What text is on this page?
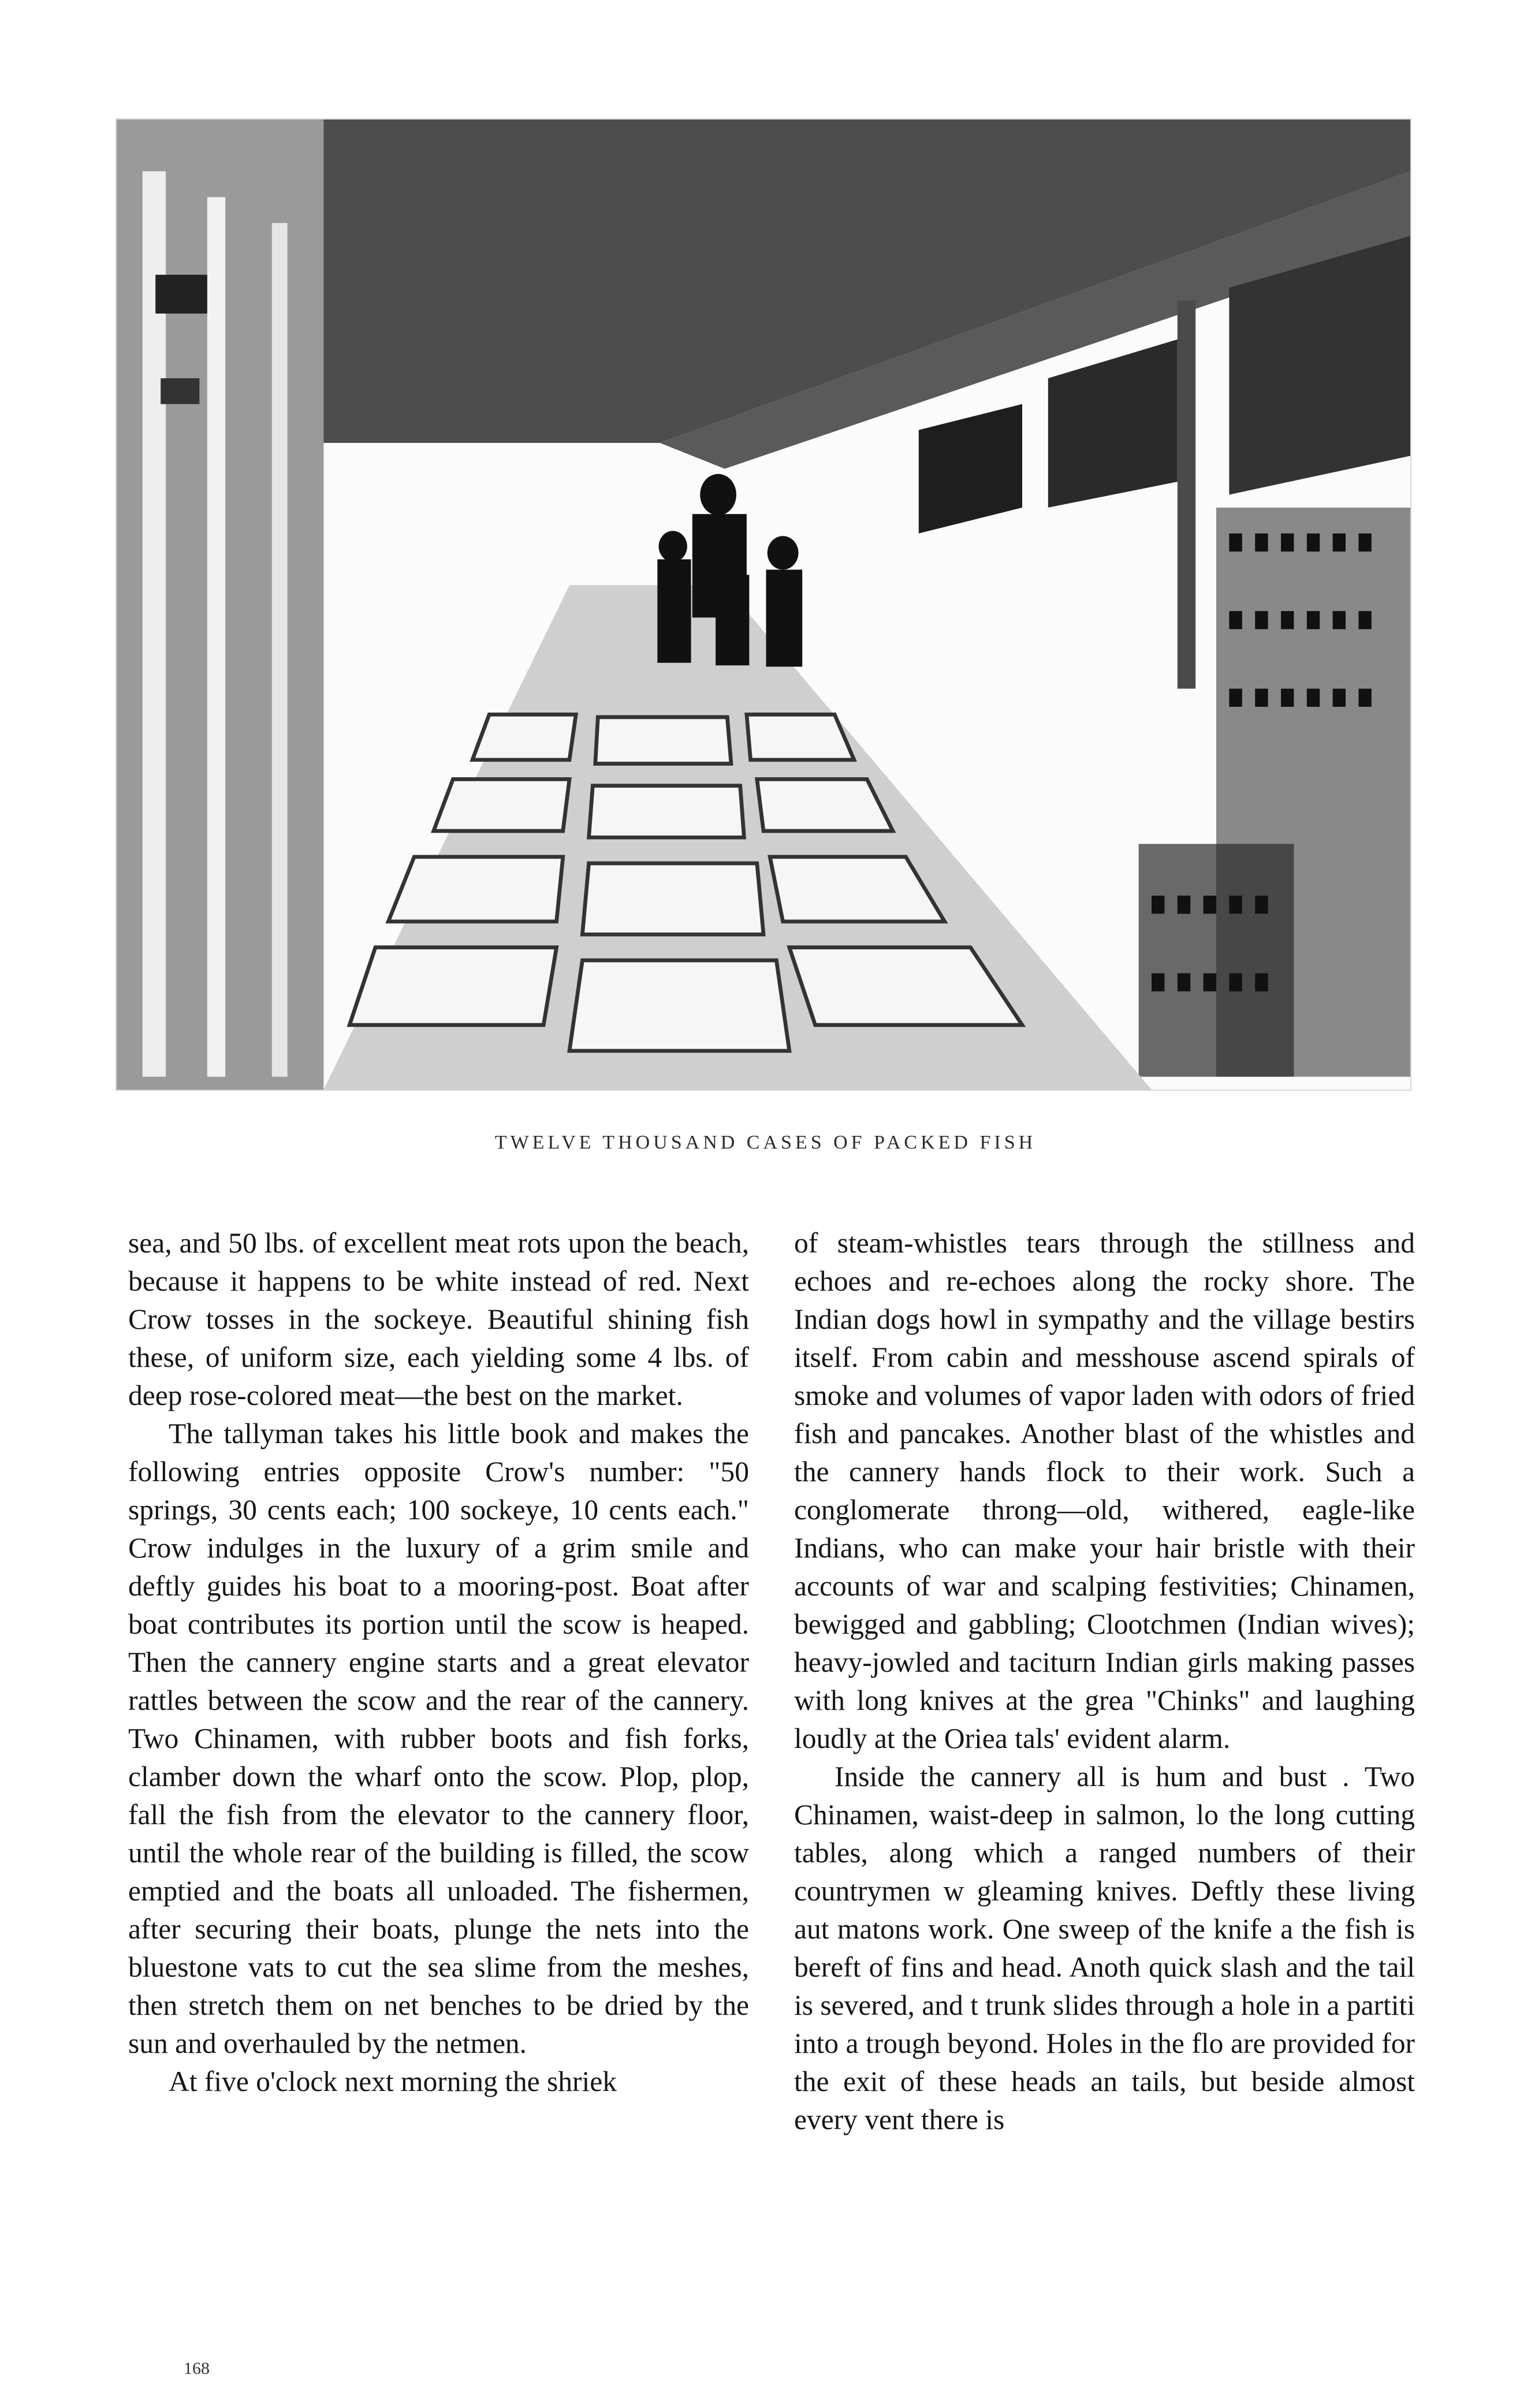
TWELVE THOUSAND CASES OF PACKED FISH

sea, and 50 lbs. of excellent meat rots upon the beach, because it happens to be white instead of red. Next Crow tosses in the sockeye. Beautiful shining fish these, of uniform size, each yielding some 4 lbs. of deep rose-colored meat—the best on the market.

The tallyman takes his little book and makes the following entries opposite Crow's number: "50 springs, 30 cents each; 100 sockeye, 10 cents each." Crow indulges in the luxury of a grim smile and deftly guides his boat to a mooring-post. Boat after boat contributes its portion until the scow is heaped. Then the cannery engine starts and a great elevator rattles between the scow and the rear of the cannery. Two Chinamen, with rubber boots and fish forks, clamber down the wharf onto the scow. Plop, plop, fall the fish from the elevator to the cannery floor, until the whole rear of the building is filled, the scow emptied and the boats all unloaded. The fishermen, after securing their boats, plunge the nets into the bluestone vats to cut the sea slime from the meshes, then stretch them on net benches to be dried by the sun and overhauled by the netmen.

At five o'clock next morning the shriek

of steam-whistles tears through the stillness and echoes and re-echoes along the rocky shore. The Indian dogs howl in sympathy and the village bestirs itself. From cabin and messhouse ascend spirals of smoke and volumes of vapor laden with odors of fried fish and pancakes. Another blast of the whistles and the cannery hands flock to their work. Such a conglomerate throng—old, withered, eagle-like Indians, who can make your hair bristle with their accounts of war and scalping festivities; Chinamen, bewigged and gabbling; Clootchmen (Indian wives); heavy-jowled and taciturn Indian girls making passes with long knives at the grea "Chinks" and laughing loudly at the Oriea tals' evident alarm.

Inside the cannery all is hum and bust . Two Chinamen, waist-deep in salmon, lo the long cutting tables, along which a ranged numbers of their countrymen w gleaming knives. Deftly these living aut matons work. One sweep of the knife a the fish is bereft of fins and head. Anoth quick slash and the tail is severed, and t trunk slides through a hole in a partiti into a trough beyond. Holes in the flo are provided for the exit of these heads an tails, but beside almost every vent there is

168
